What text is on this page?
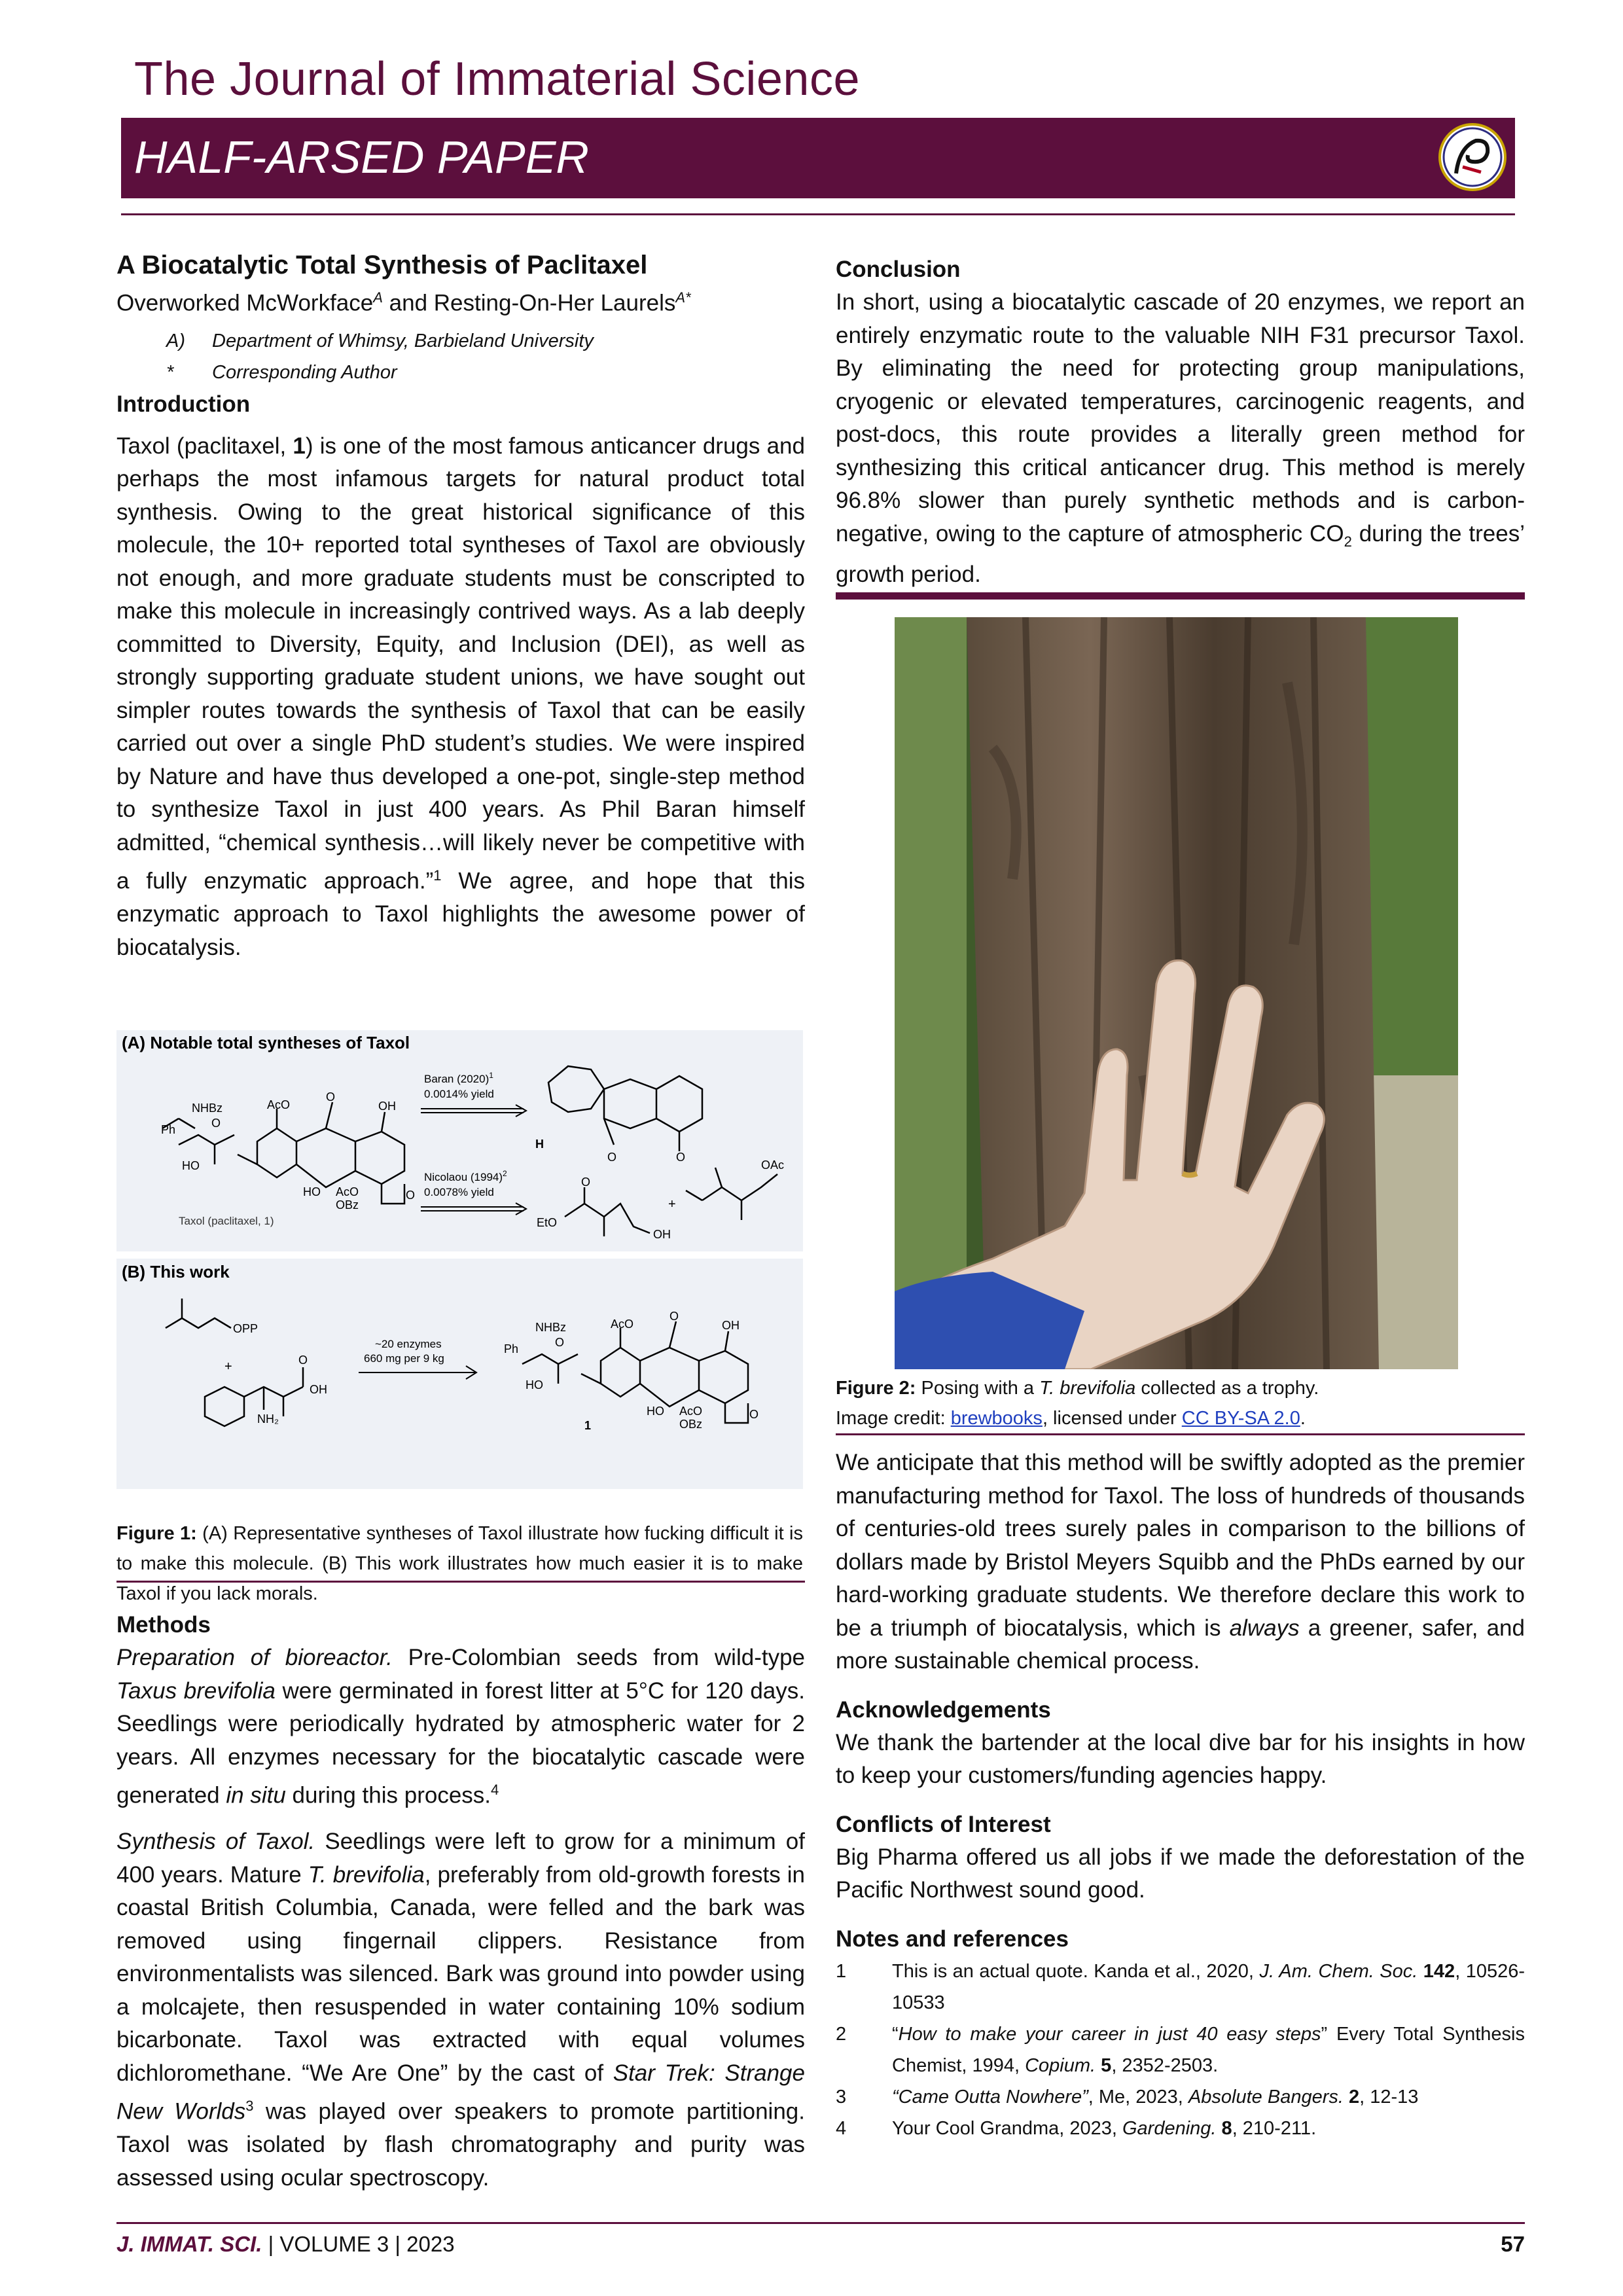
The Journal of Immaterial Science
HALF-ARSED PAPER
A Biocatalytic Total Synthesis of Paclitaxel
Overworked McWorkface$^A$ and Resting-On-Her Laurels$^{A*}$
A) Department of Whimsy, Barbieland University
* Corresponding Author

Introduction

Taxol (paclitaxel, 1) is one of the most famous anticancer drugs and perhaps the most infamous targets for natural product total synthesis. Owing to the great historical significance of this molecule, the 10+ reported total syntheses of Taxol are obviously not enough, and more graduate students must be conscripted to make this molecule in increasingly contrived ways. As a lab deeply committed to Diversity, Equity, and Inclusion (DEI), as well as strongly supporting graduate student unions, we have sought out simpler routes towards the synthesis of Taxol that can be easily carried out over a single PhD student’s studies. We were inspired by Nature and have thus developed a one-pot, single-step method to synthesize Taxol in just 400 years. As Phil Baran himself admitted, “chemical synthesis…will likely never be competitive with a fully enzymatic approach.”$^1$ We agree, and hope that this enzymatic approach to Taxol highlights the awesome power of biocatalysis.

(A) Notable total syntheses of Taxol
(B) This work
NHBz
Ph
AcO
O
O
OH
HO
HO AcO
OBz
O
Taxol (paclitaxel, 1)
Baran $(2020)^1$
0.0014% yield
H
O	O
Nicolaou $(1994)^2$
0.0078% yield
EtO
O
OH
+
OAc
OPP
+	O
OH
NH₂
~20 enzymes
660 mg per 9 kg
NHBz
Ph
AcO
O
O
OH
HO
HO AcO
OBz
O
1
Figure 1: (A) Representative syntheses of Taxol illustrate how fucking difficult it is to make this molecule. (B) This work illustrates how much easier it is to make Taxol if you lack morals.

Methods

Preparation of bioreactor. Pre-Colombian seeds from wild-type Taxus brevifolia were germinated in forest litter at 5°C for 120 days. Seedlings were periodically hydrated by atmospheric water for 2 years. All enzymes necessary for the biocatalytic cascade were generated in situ during this process.$^4$

Synthesis of Taxol. Seedlings were left to grow for a minimum of 400 years. Mature T. brevifolia, preferably from old-growth forests in coastal British Columbia, Canada, were felled and the bark was removed using fingernail clippers. Resistance from environmentalists was silenced. Bark was ground into powder using a molcajete, then resuspended in water containing 10% sodium bicarbonate. Taxol was extracted with equal volumes dichloromethane. “We Are One” by the cast of Star Trek: Strange New Worlds$^3$ was played over speakers to promote partitioning. Taxol was isolated by flash chromatography and purity was assessed using ocular spectroscopy.

Conclusion

In short, using a biocatalytic cascade of 20 enzymes, we report an entirely enzymatic route to the valuable NIH F31 precursor Taxol. By eliminating the need for protecting group manipulations, cryogenic or elevated temperatures, carcinogenic reagents, and post-docs, this route provides a literally green method for synthesizing this critical anticancer drug. This method is merely 96.8% slower than purely synthetic methods and is carbon-negative, owing to the capture of atmospheric $CO_2$ during the trees’ growth period.

Figure 2: Posing with a T. brevifolia collected as a trophy.
Image credit: brewbooks, licensed under CC BY-SA 2.0.

We anticipate that this method will be swiftly adopted as the premier manufacturing method for Taxol. The loss of hundreds of thousands of centuries-old trees surely pales in comparison to the billions of dollars made by Bristol Meyers Squibb and the PhDs earned by our hard-working graduate students. We therefore declare this work to be a triumph of biocatalysis, which is always a greener, safer, and more sustainable chemical process.

Acknowledgements

We thank the bartender at the local dive bar for his insights in how to keep your customers/funding agencies happy.

Conflicts of Interest

Big Pharma offered us all jobs if we made the deforestation of the Pacific Northwest sound good.

Notes and references

1	This is an actual quote. Kanda et al., 2020, J. Am. Chem. Soc. 142, 10526-10533
2	“How to make your career in just 40 easy steps” Every Total Synthesis Chemist, 1994, Copium. 5, 2352-2503.
3	“Came Outta Nowhere”, Me, 2023, Absolute Bangers. 2, 12-13
4	Your Cool Grandma, 2023, Gardening. 8, 210-211.
J. IMMAT. SCI. | VOLUME 3 | 2023	57
